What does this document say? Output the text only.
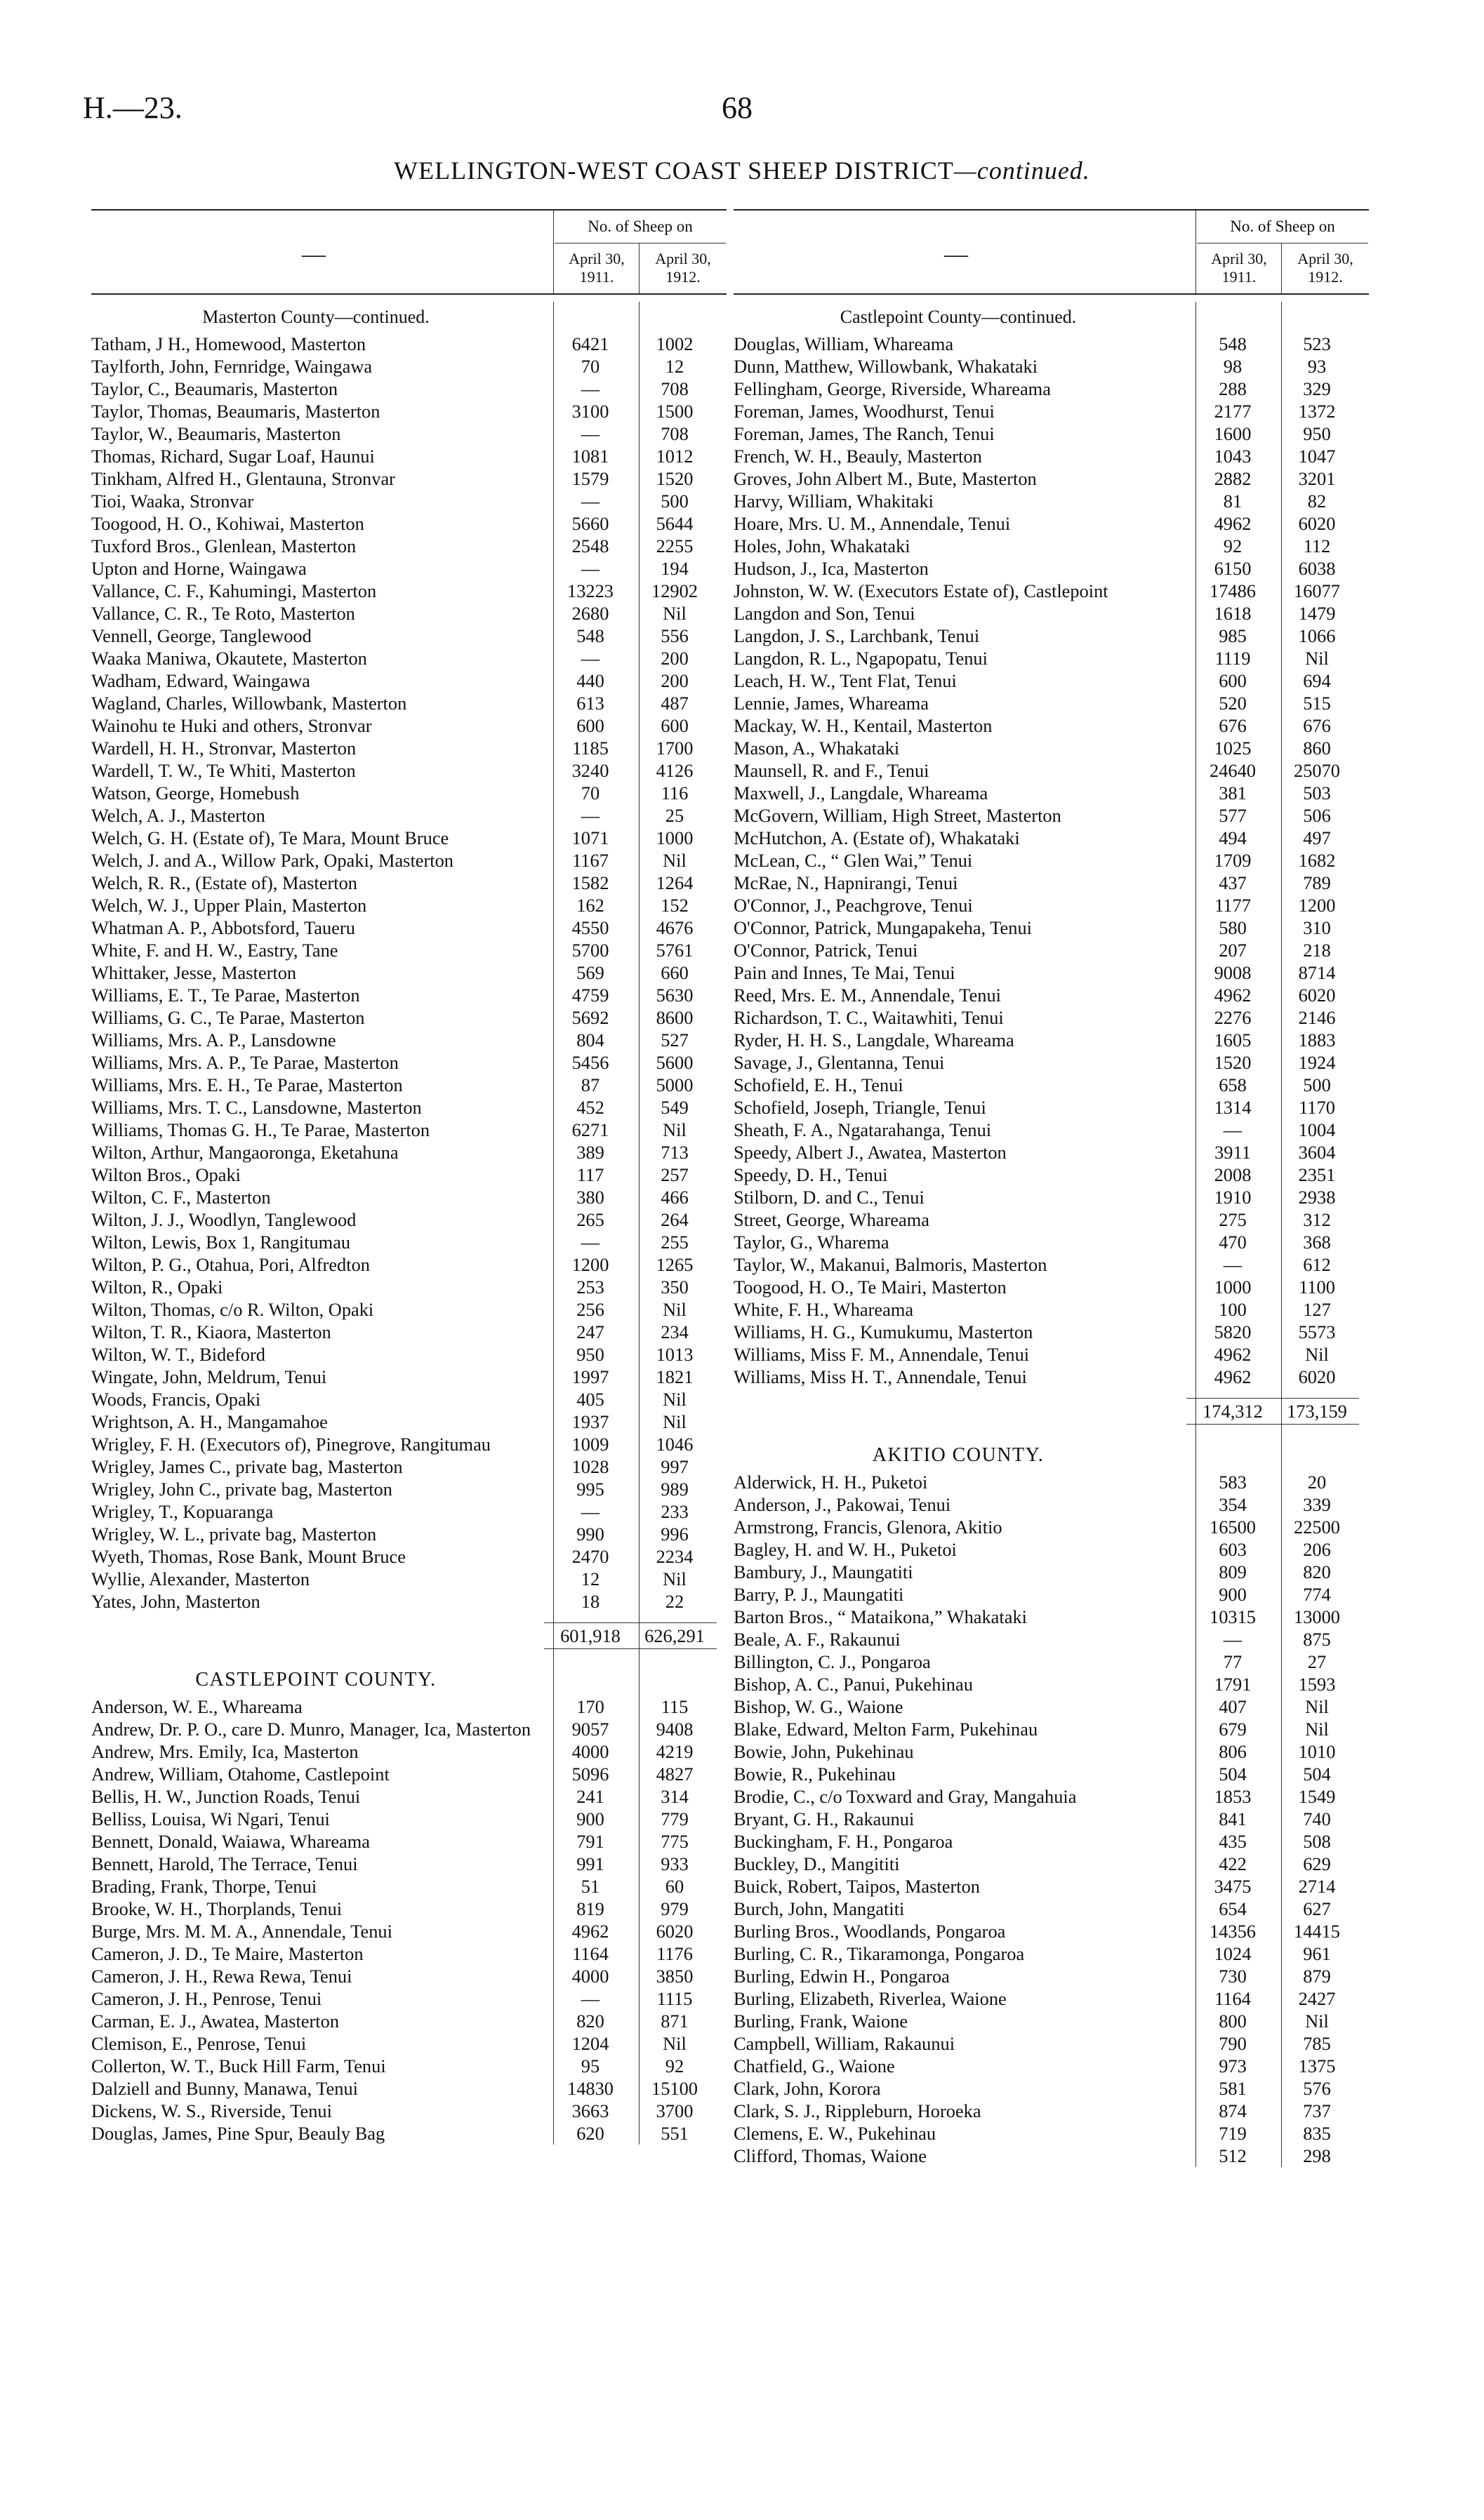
H.—23.	68
WELLINGTON-WEST COAST SHEEP DISTRICT—continued.
—
No. of Sheep on
April 30, 1911.
April 30, 1912.
Masterton County—continued.
Tatham, J H., Homewood, Masterton	6421	1002
Taylforth, John, Fernridge, Waingawa	70	12
Taylor, C., Beaumaris, Masterton	—	708
Taylor, Thomas, Beaumaris, Masterton	3100	1500
Taylor, W., Beaumaris, Masterton	—	708
Thomas, Richard, Sugar Loaf, Haunui	1081	1012
Tinkham, Alfred H., Glentauna, Stronvar	1579	1520
Tioi, Waaka, Stronvar	—	500
Toogood, H. O., Kohiwai, Masterton	5660	5644
Tuxford Bros., Glenlean, Masterton	2548	2255
Upton and Horne, Waingawa	—	194
Vallance, C. F., Kahumingi, Masterton	13223	12902
Vallance, C. R., Te Roto, Masterton	2680	Nil
Vennell, George, Tanglewood	548	556
Waaka Maniwa, Okautete, Masterton	—	200
Wadham, Edward, Waingawa	440	200
Wagland, Charles, Willowbank, Masterton	613	487
Wainohu te Huki and others, Stronvar	600	600
Wardell, H. H., Stronvar, Masterton	1185	1700
Wardell, T. W., Te Whiti, Masterton	3240	4126
Watson, George, Homebush	70	116
Welch, A. J., Masterton	—	25
Welch, G. H. (Estate of), Te Mara, Mount Bruce	1071	1000
Welch, J. and A., Willow Park, Opaki, Masterton	1167	Nil
Welch, R. R., (Estate of), Masterton	1582	1264
Welch, W. J., Upper Plain, Masterton	162	152
Whatman A. P., Abbotsford, Taueru	4550	4676
White, F. and H. W., Eastry, Tane	5700	5761
Whittaker, Jesse, Masterton	569	660
Williams, E. T., Te Parae, Masterton	4759	5630
Williams, G. C., Te Parae, Masterton	5692	8600
Williams, Mrs. A. P., Lansdowne	804	527
Williams, Mrs. A. P., Te Parae, Masterton	5456	5600
Williams, Mrs. E. H., Te Parae, Masterton	87	5000
Williams, Mrs. T. C., Lansdowne, Masterton	452	549
Williams, Thomas G. H., Te Parae, Masterton	6271	Nil
Wilton, Arthur, Mangaoronga, Eketahuna	389	713
Wilton Bros., Opaki	117	257
Wilton, C. F., Masterton	380	466
Wilton, J. J., Woodlyn, Tanglewood	265	264
Wilton, Lewis, Box 1, Rangitumau	—	255
Wilton, P. G., Otahua, Pori, Alfredton	1200	1265
Wilton, R., Opaki	253	350
Wilton, Thomas, c/o R. Wilton, Opaki	256	Nil
Wilton, T. R., Kiaora, Masterton	247	234
Wilton, W. T., Bideford	950	1013
Wingate, John, Meldrum, Tenui	1997	1821
Woods, Francis, Opaki	405	Nil
Wrightson, A. H., Mangamahoe	1937	Nil
Wrigley, F. H. (Executors of), Pinegrove, Rangitumau	1009	1046
Wrigley, James C., private bag, Masterton	1028	997
Wrigley, John C., private bag, Masterton	995	989
Wrigley, T., Kopuaranga	—	233
Wrigley, W. L., private bag, Masterton	990	996
Wyeth, Thomas, Rose Bank, Mount Bruce	2470	2234
Wyllie, Alexander, Masterton	12	Nil
Yates, John, Masterton	18	22
601,918	626,291
CASTLEPOINT COUNTY.
Anderson, W. E., Whareama	170	115
Andrew, Dr. P. O., care D. Munro, Manager, Ica, Masterton	9057	9408
Andrew, Mrs. Emily, Ica, Masterton	4000	4219
Andrew, William, Otahome, Castlepoint	5096	4827
Bellis, H. W., Junction Roads, Tenui	241	314
Belliss, Louisa, Wi Ngari, Tenui	900	779
Bennett, Donald, Waiawa, Whareama	791	775
Bennett, Harold, The Terrace, Tenui	991	933
Brading, Frank, Thorpe, Tenui	51	60
Brooke, W. H., Thorplands, Tenui	819	979
Burge, Mrs. M. M. A., Annendale, Tenui	4962	6020
Cameron, J. D., Te Maire, Masterton	1164	1176
Cameron, J. H., Rewa Rewa, Tenui	4000	3850
Cameron, J. H., Penrose, Tenui	—	1115
Carman, E. J., Awatea, Masterton	820	871
Clemison, E., Penrose, Tenui	1204	Nil
Collerton, W. T., Buck Hill Farm, Tenui	95	92
Dalziell and Bunny, Manawa, Tenui	14830	15100
Dickens, W. S., Riverside, Tenui	3663	3700
Douglas, James, Pine Spur, Beauly Bag	620	551
—
No. of Sheep on
April 30, 1911.
April 30, 1912.
Castlepoint County—continued.
Douglas, William, Whareama	548	523
Dunn, Matthew, Willowbank, Whakataki	98	93
Fellingham, George, Riverside, Whareama	288	329
Foreman, James, Woodhurst, Tenui	2177	1372
Foreman, James, The Ranch, Tenui	1600	950
French, W. H., Beauly, Masterton	1043	1047
Groves, John Albert M., Bute, Masterton	2882	3201
Harvy, William, Whakitaki	81	82
Hoare, Mrs. U. M., Annendale, Tenui	4962	6020
Holes, John, Whakataki	92	112
Hudson, J., Ica, Masterton	6150	6038
Johnston, W. W. (Executors Estate of), Castlepoint	17486	16077
Langdon and Son, Tenui	1618	1479
Langdon, J. S., Larchbank, Tenui	985	1066
Langdon, R. L., Ngapopatu, Tenui	1119	Nil
Leach, H. W., Tent Flat, Tenui	600	694
Lennie, James, Whareama	520	515
Mackay, W. H., Kentail, Masterton	676	676
Mason, A., Whakataki	1025	860
Maunsell, R. and F., Tenui	24640	25070
Maxwell, J., Langdale, Whareama	381	503
McGovern, William, High Street, Masterton	577	506
McHutchon, A. (Estate of), Whakataki	494	497
McLean, C., “ Glen Wai,” Tenui	1709	1682
McRae, N., Hapnirangi, Tenui	437	789
O'Connor, J., Peachgrove, Tenui	1177	1200
O'Connor, Patrick, Mungapakeha, Tenui	580	310
O'Connor, Patrick, Tenui	207	218
Pain and Innes, Te Mai, Tenui	9008	8714
Reed, Mrs. E. M., Annendale, Tenui	4962	6020
Richardson, T. C., Waitawhiti, Tenui	2276	2146
Ryder, H. H. S., Langdale, Whareama	1605	1883
Savage, J., Glentanna, Tenui	1520	1924
Schofield, E. H., Tenui	658	500
Schofield, Joseph, Triangle, Tenui	1314	1170
Sheath, F. A., Ngatarahanga, Tenui	—	1004
Speedy, Albert J., Awatea, Masterton	3911	3604
Speedy, D. H., Tenui	2008	2351
Stilborn, D. and C., Tenui	1910	2938
Street, George, Whareama	275	312
Taylor, G., Wharema	470	368
Taylor, W., Makanui, Balmoris, Masterton	—	612
Toogood, H. O., Te Mairi, Masterton	1000	1100
White, F. H., Whareama	100	127
Williams, H. G., Kumukumu, Masterton	5820	5573
Williams, Miss F. M., Annendale, Tenui	4962	Nil
Williams, Miss H. T., Annendale, Tenui	4962	6020
174,312	173,159
AKITIO COUNTY.
Alderwick, H. H., Puketoi	583	20
Anderson, J., Pakowai, Tenui	354	339
Armstrong, Francis, Glenora, Akitio	16500	22500
Bagley, H. and W. H., Puketoi	603	206
Bambury, J., Maungatiti	809	820
Barry, P. J., Maungatiti	900	774
Barton Bros., “ Mataikona,” Whakataki	10315	13000
Beale, A. F., Rakaunui	—	875
Billington, C. J., Pongaroa	77	27
Bishop, A. C., Panui, Pukehinau	1791	1593
Bishop, W. G., Waione	407	Nil
Blake, Edward, Melton Farm, Pukehinau	679	Nil
Bowie, John, Pukehinau	806	1010
Bowie, R., Pukehinau	504	504
Brodie, C., c/o Toxward and Gray, Mangahuia	1853	1549
Bryant, G. H., Rakaunui	841	740
Buckingham, F. H., Pongaroa	435	508
Buckley, D., Mangititi	422	629
Buick, Robert, Taipos, Masterton	3475	2714
Burch, John, Mangatiti	654	627
Burling Bros., Woodlands, Pongaroa	14356	14415
Burling, C. R., Tikaramonga, Pongaroa	1024	961
Burling, Edwin H., Pongaroa	730	879
Burling, Elizabeth, Riverlea, Waione	1164	2427
Burling, Frank, Waione	800	Nil
Campbell, William, Rakaunui	790	785
Chatfield, G., Waione	973	1375
Clark, John, Korora	581	576
Clark, S. J., Rippleburn, Horoeka	874	737
Clemens, E. W., Pukehinau	719	835
Clifford, Thomas, Waione	512	298
